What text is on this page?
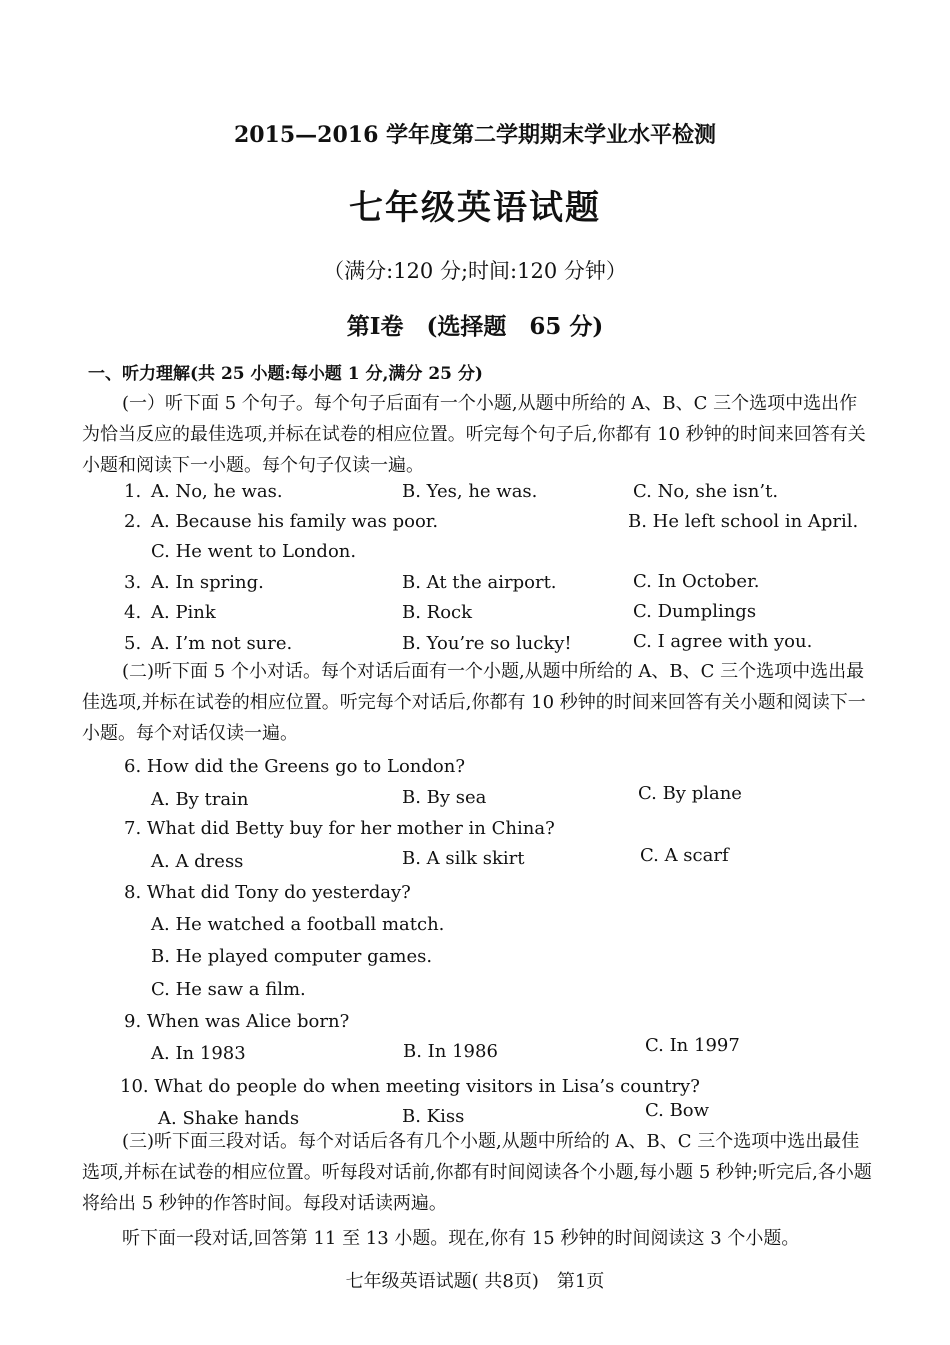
2015—2016 学年度第二学期期末学业水平检测
七年级英语试题
（满分:120 分;时间:120 分钟）
第Ⅰ卷　(选择题　65 分)
一、听力理解(共 25 小题:每小题 1 分,满分 25 分)
(一）听下面 5 个句子。每个句子后面有一个小题,从题中所给的 A、B、C 三个选项中选出作为恰当反应的最佳选项,并标在试卷的相应位置。听完每个句子后,你都有 10 秒钟的时间来回答有关小题和阅读下一小题。每个句子仅读一遍。
1. A. No, he was.	B. Yes, he was.	C. No, she isn’t.
2. A. Because his family was poor.	B. He left school in April.
C. He went to London.
3. A. In spring.	B. At the airport.	C. In October.
4. A. Pink	B. Rock	C. Dumplings
5. A. I’m not sure.	B. You’re so lucky!	C. I agree with you.
(二)听下面 5 个小对话。每个对话后面有一个小题,从题中所给的 A、B、C 三个选项中选出最佳选项,并标在试卷的相应位置。听完每个对话后,你都有 10 秒钟的时间来回答有关小题和阅读下一小题。每个对话仅读一遍。
6. How did the Greens go to London?
A. By train	B. By sea	C. By plane
7. What did Betty buy for her mother in China?
A. A dress	B. A silk skirt	C. A scarf
8. What did Tony do yesterday?
A. He watched a football match.
B. He played computer games.
C. He saw a film.
9. When was Alice born?
A. In 1983	B. In 1986	C. In 1997
10. What do people do when meeting visitors in Lisa’s country?
A. Shake hands	B. Kiss	C. Bow
(三)听下面三段对话。每个对话后各有几个小题,从题中所给的 A、B、C 三个选项中选出最佳选项,并标在试卷的相应位置。听每段对话前,你都有时间阅读各个小题,每小题 5 秒钟;听完后,各小题将给出 5 秒钟的作答时间。每段对话读两遍。
听下面一段对话,回答第 11 至 13 小题。现在,你有 15 秒钟的时间阅读这 3 个小题。
七年级英语试题( 共8页)　第1页
